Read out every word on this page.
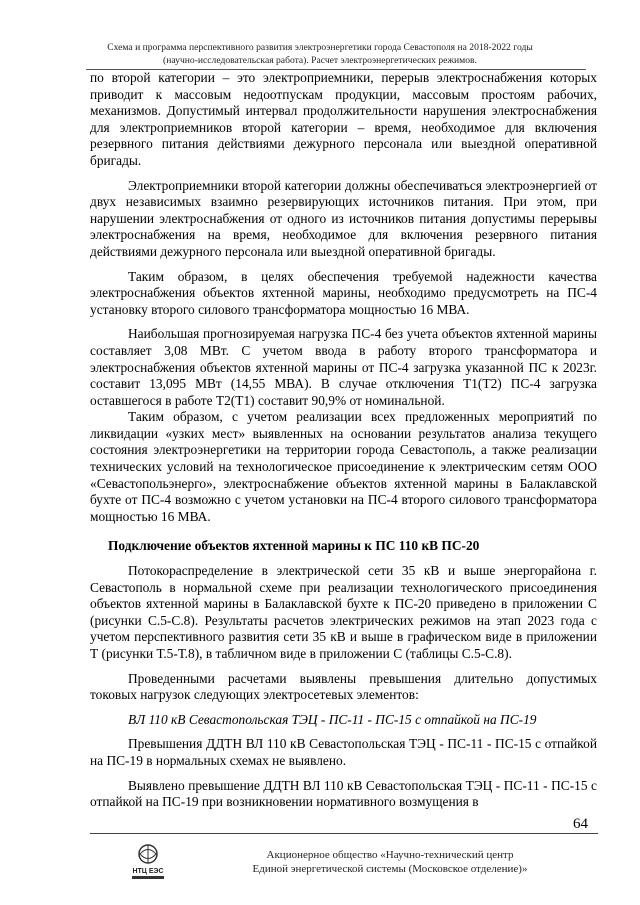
Схема и программа перспективного развития электроэнергетики города Севастополя на 2018-2022 годы
(научно-исследовательская работа). Расчет электроэнергетических режимов.

по второй категории – это электроприемники, перерыв электроснабжения которых приводит к массовым недоотпускам продукции, массовым простоям рабочих, механизмов. Допустимый интервал продолжительности нарушения электроснабжения для электроприемников второй категории – время, необходимое для включения резервного питания действиями дежурного персонала или выездной оперативной бригады.

Электроприемники второй категории должны обеспечиваться электроэнергией от двух независимых взаимно резервирующих источников питания. При этом, при нарушении электроснабжения от одного из источников питания допустимы перерывы электроснабжения на время, необходимое для включения резервного питания действиями дежурного персонала или выездной оперативной бригады.

Таким образом, в целях обеспечения требуемой надежности качества электроснабжения объектов яхтенной марины, необходимо предусмотреть на ПС-4 установку второго силового трансформатора мощностью 16 МВА.

Наибольшая прогнозируемая нагрузка ПС-4 без учета объектов яхтенной марины составляет 3,08 МВт. С учетом ввода в работу второго трансформатора и электроснабжения объектов яхтенной марины от ПС-4 загрузка указанной ПС к 2023г. составит 13,095 МВт (14,55 МВА). В случае отключения Т1(Т2) ПС-4 загрузка оставшегося в работе Т2(Т1) составит 90,9% от номинальной.

Таким образом, с учетом реализации всех предложенных мероприятий по ликвидации «узких мест» выявленных на основании результатов анализа текущего состояния электроэнергетики на территории города Севастополь, а также реализации технических условий на технологическое присоединение к электрическим сетям ООО «Севастопольэнерго», электроснабжение объектов яхтенной марины в Балаклавской бухте от ПС-4 возможно с учетом установки на ПС-4 второго силового трансформатора мощностью 16 МВА.

Подключение объектов яхтенной марины к ПС 110 кВ ПС-20

Потокораспределение в электрической сети 35 кВ и выше энергорайона г. Севастополь в нормальной схеме при реализации технологического присоединения объектов яхтенной марины в Балаклавской бухте к ПС-20 приведено в приложении С (рисунки С.5-С.8). Результаты расчетов электрических режимов на этап 2023 года с учетом перспективного развития сети 35 кВ и выше в графическом виде в приложении Т (рисунки Т.5-Т.8), в табличном виде в приложении С (таблицы С.5-С.8).

Проведенными расчетами выявлены превышения длительно допустимых токовых нагрузок следующих электросетевых элементов:

ВЛ 110 кВ Севастопольская ТЭЦ - ПС-11 - ПС-15 с отпайкой на ПС-19

Превышения ДДТН ВЛ 110 кВ Севастопольская ТЭЦ - ПС-11 - ПС-15 с отпайкой на ПС-19 в нормальных схемах не выявлено.

Выявлено превышение ДДТН ВЛ 110 кВ Севастопольская ТЭЦ - ПС-11 - ПС-15 с отпайкой на ПС-19 при возникновении нормативного возмущения в

64
НТЦ ЕЭС
Акционерное общество «Научно-технический центр
Единой энергетической системы (Московское отделение)»
